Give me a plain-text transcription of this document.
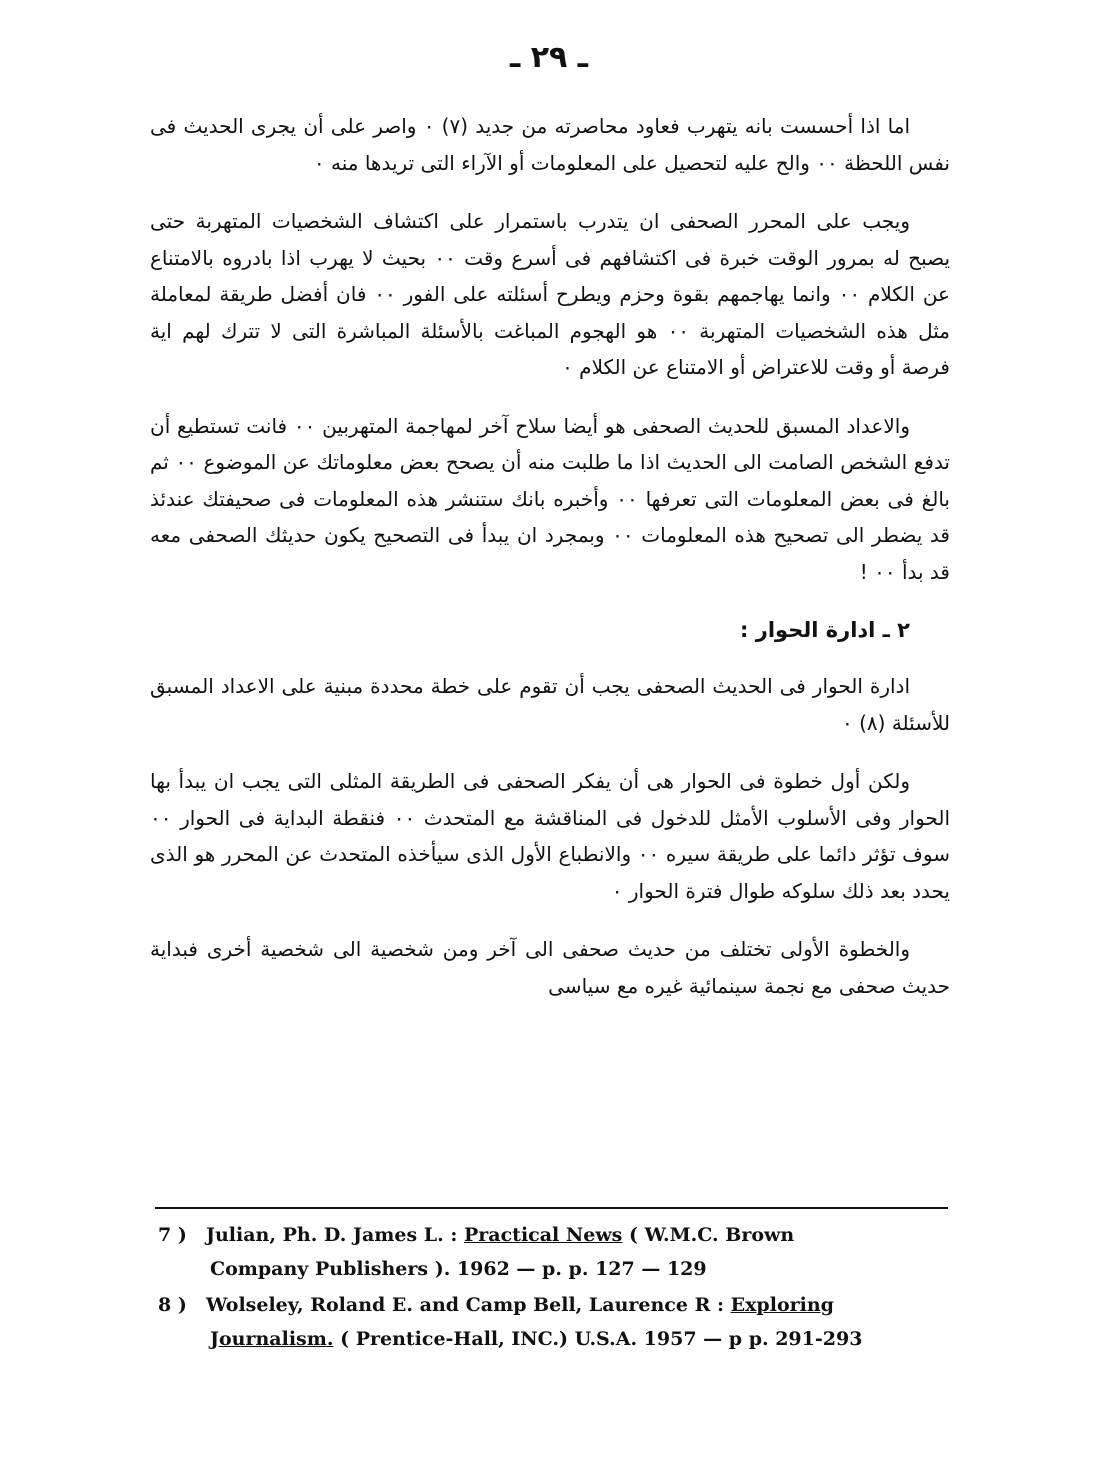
ـ ٢٩ ـ

اما اذا أحسست بانه يتهرب فعاود محاصرته من جديد (٧) ٠ واصر على أن يجرى الحديث فى نفس اللحظة ٠٠ والح عليه لتحصيل على المعلومات أو الآراء التى تريدها منه ٠

ويجب على المحرر الصحفى ان يتدرب باستمرار على اكتشاف الشخصيات المتهربة حتى يصبح له بمرور الوقت خبرة فى اكتشافهم فى أسرع وقت ٠٠ بحيث لا يهرب اذا بادروه بالامتناع عن الكلام ٠٠ وانما يهاجمهم بقوة وحزم ويطرح أسئلته على الفور ٠٠ فان أفضل طريقة لمعاملة مثل هذه الشخصيات المتهربة ٠٠ هو الهجوم المباغت بالأسئلة المباشرة التى لا تترك لهم اية فرصة أو وقت للاعتراض أو الامتناع عن الكلام ٠

والاعداد المسبق للحديث الصحفى هو أيضا سلاح آخر لمهاجمة المتهربين ٠٠ فانت تستطيع أن تدفع الشخص الصامت الى الحديث اذا ما طلبت منه أن يصحح بعض معلوماتك عن الموضوع ٠٠ ثم بالغ فى بعض المعلومات التى تعرفها ٠٠ وأخبره بانك ستنشر هذه المعلومات فى صحيفتك عندئذ قد يضطر الى تصحيح هذه المعلومات ٠٠ وبمجرد ان يبدأ فى التصحيح يكون حديثك الصحفى معه قد بدأ ٠٠ !

٢ ـ ادارة الحوار :

ادارة الحوار فى الحديث الصحفى يجب أن تقوم على خطة محددة مبنية على الاعداد المسبق للأسئلة (٨) ٠

ولكن أول خطوة فى الحوار هى أن يفكر الصحفى فى الطريقة المثلى التى يجب ان يبدأ بها الحوار وفى الأسلوب الأمثل للدخول فى المناقشة مع المتحدث ٠٠ فنقطة البداية فى الحوار ٠٠ سوف تؤثر دائما على طريقة سيره ٠٠ والانطباع الأول الذى سيأخذه المتحدث عن المحرر هو الذى يحدد بعد ذلك سلوكه طوال فترة الحوار ٠

والخطوة الأولى تختلف من حديث صحفى الى آخر ومن شخصية الى شخصية أخرى فبداية حديث صحفى مع نجمة سينمائية غيره مع سياسى

7 ) Julian, Ph. D. James L. : Practical News ( W.M.C. Brown
Company Publishers ). 1962 — p. p. 127 — 129
8 ) Wolseley, Roland E. and Camp Bell, Laurence R : Exploring
Journalism. ( Prentice-Hall, INC.) U.S.A. 1957 — p p. 291-293
